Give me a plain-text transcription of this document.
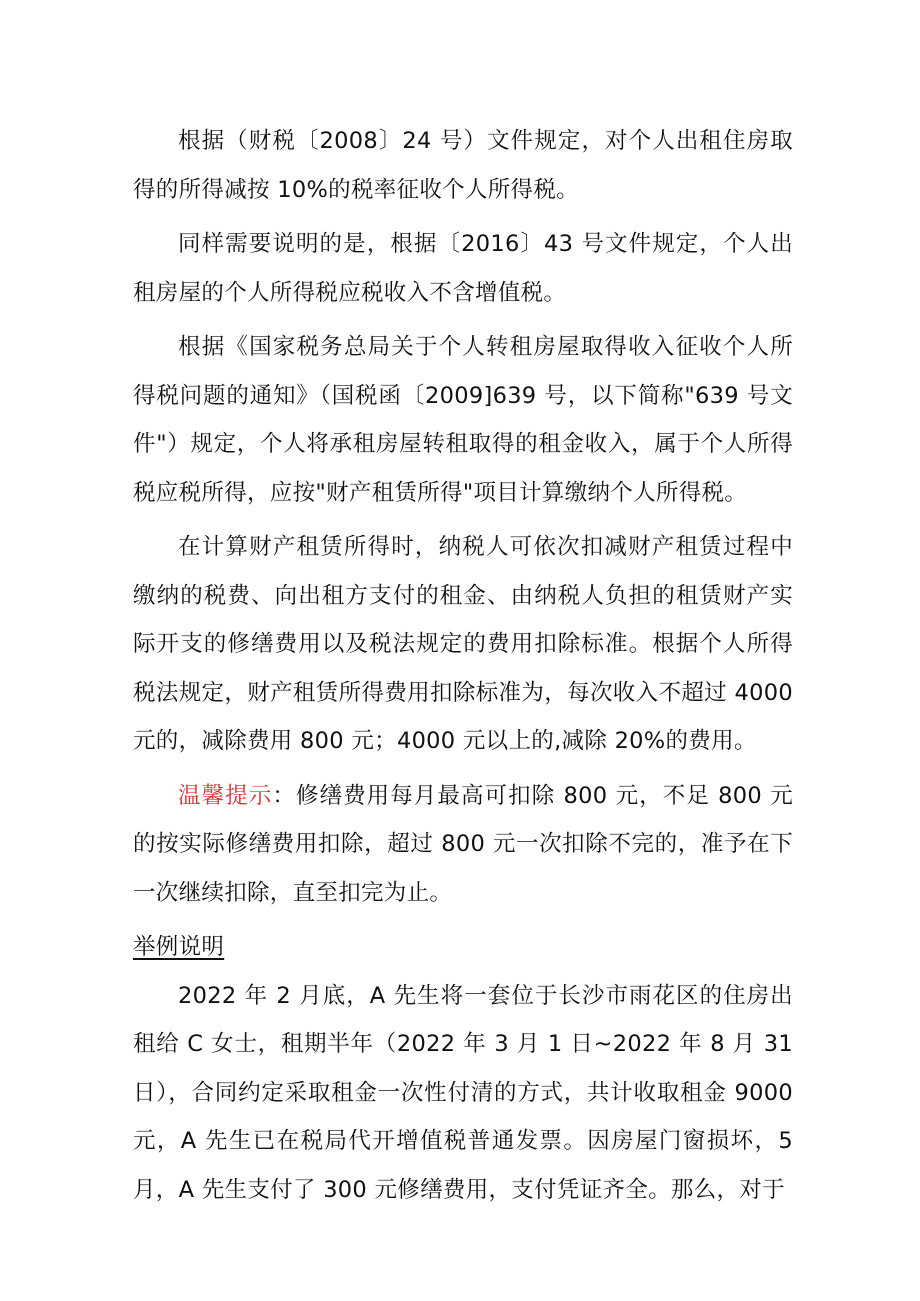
根据（财税〔2008〕24 号）文件规定，对个人出租住房取得的所得减按 10%的税率征收个人所得税。

同样需要说明的是，根据〔2016〕43 号文件规定，个人出租房屋的个人所得税应税收入不含增值税。

根据《国家税务总局关于个人转租房屋取得收入征收个人所得税问题的通知》（国税函〔2009]639 号，以下简称"639 号文件"）规定，个人将承租房屋转租取得的租金收入，属于个人所得税应税所得，应按"财产租赁所得"项目计算缴纳个人所得税。

在计算财产租赁所得时，纳税人可依次扣减财产租赁过程中缴纳的税费、向出租方支付的租金、由纳税人负担的租赁财产实际开支的修缮费用以及税法规定的费用扣除标准。根据个人所得税法规定，财产租赁所得费用扣除标准为，每次收入不超过 4000 元的，减除费用 800 元；4000 元以上的,减除 20%的费用。

温馨提示：修缮费用每月最高可扣除 800 元，不足 800 元的按实际修缮费用扣除，超过 800 元一次扣除不完的，准予在下一次继续扣除，直至扣完为止。

举例说明

2022 年 2 月底，A 先生将一套位于长沙市雨花区的住房出租给 C 女士，租期半年（2022 年 3 月 1 日~2022 年 8 月 31 日），合同约定采取租金一次性付清的方式，共计收取租金 9000 元，A 先生已在税局代开增值税普通发票。因房屋门窗损坏，5 月，A 先生支付了 300 元修缮费用，支付凭证齐全。那么，对于
